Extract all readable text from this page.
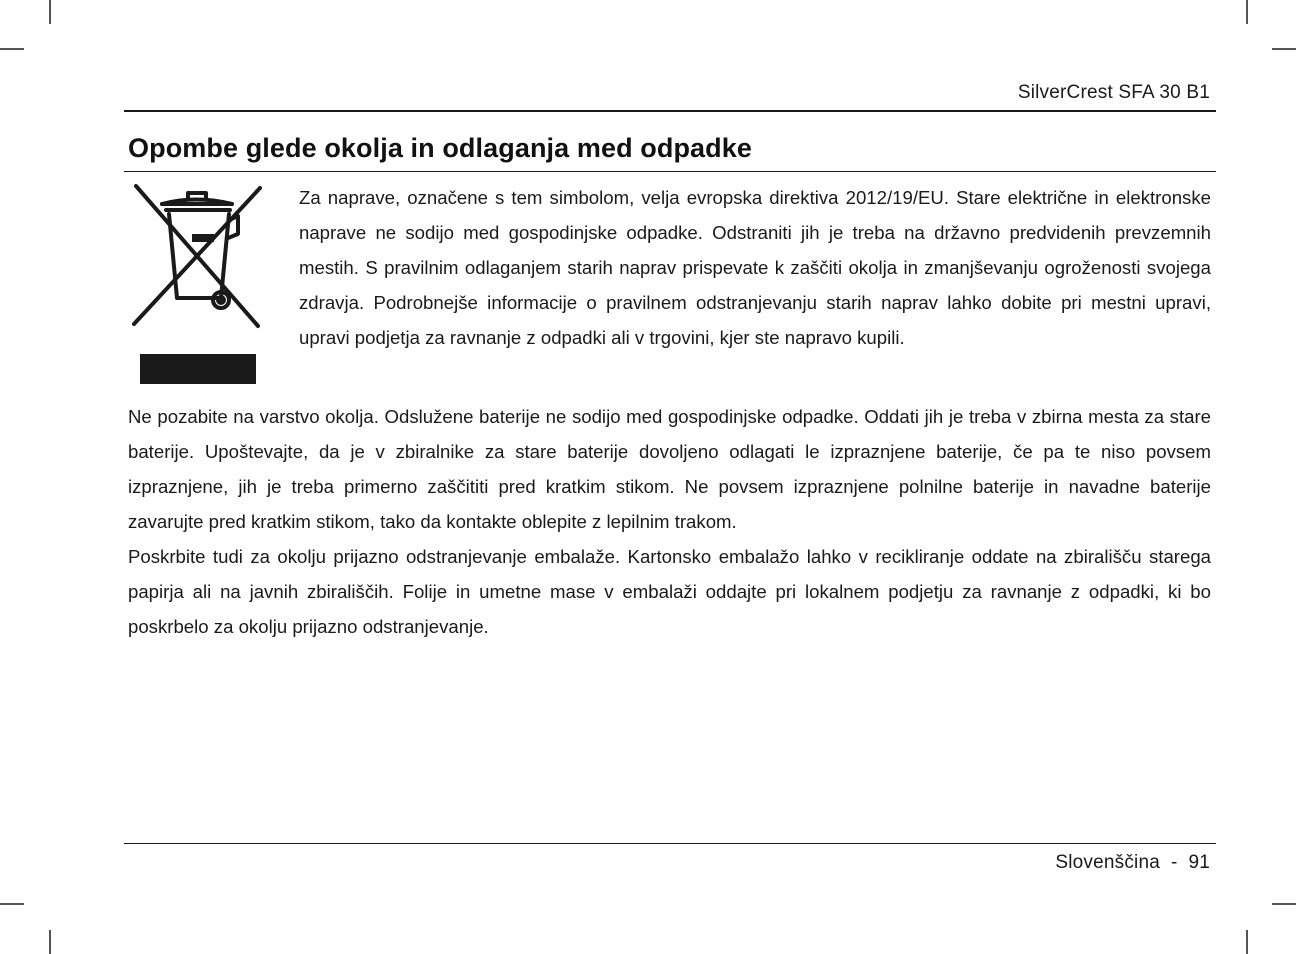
SilverCrest SFA 30 B1
Opombe glede okolja in odlaganja med odpadke

Za naprave, označene s tem simbolom, velja evropska direktiva 2012/19/EU. Stare električne in elektronske naprave ne sodijo med gospodinjske odpadke. Odstraniti jih je treba na državno predvidenih prevzemnih mestih. S pravilnim odlaganjem starih naprav prispevate k zaščiti okolja in zmanjševanju ogroženosti svojega zdravja. Podrobnejše informacije o pravilnem odstranjevanju starih naprav lahko dobite pri mestni upravi, upravi podjetja za ravnanje z odpadki ali v trgovini, kjer ste napravo kupili.

Ne pozabite na varstvo okolja. Odslužene baterije ne sodijo med gospodinjske odpadke. Oddati jih je treba v zbirna mesta za stare baterije. Upoštevajte, da je v zbiralnike za stare baterije dovoljeno odlagati le izpraznjene baterije, če pa te niso povsem izpraznjene, jih je treba primerno zaščititi pred kratkim stikom. Ne povsem izpraznjene polnilne baterije in navadne baterije zavarujte pred kratkim stikom, tako da kontakte oblepite z lepilnim trakom.

Poskrbite tudi za okolju prijazno odstranjevanje embalaže. Kartonsko embalažo lahko v recikliranje oddate na zbirališču starega papirja ali na javnih zbirališčih. Folije in umetne mase v embalaži oddajte pri lokalnem podjetju za ravnanje z odpadki, ki bo poskrbelo za okolju prijazno odstranjevanje.

Slovenščina  -  91
